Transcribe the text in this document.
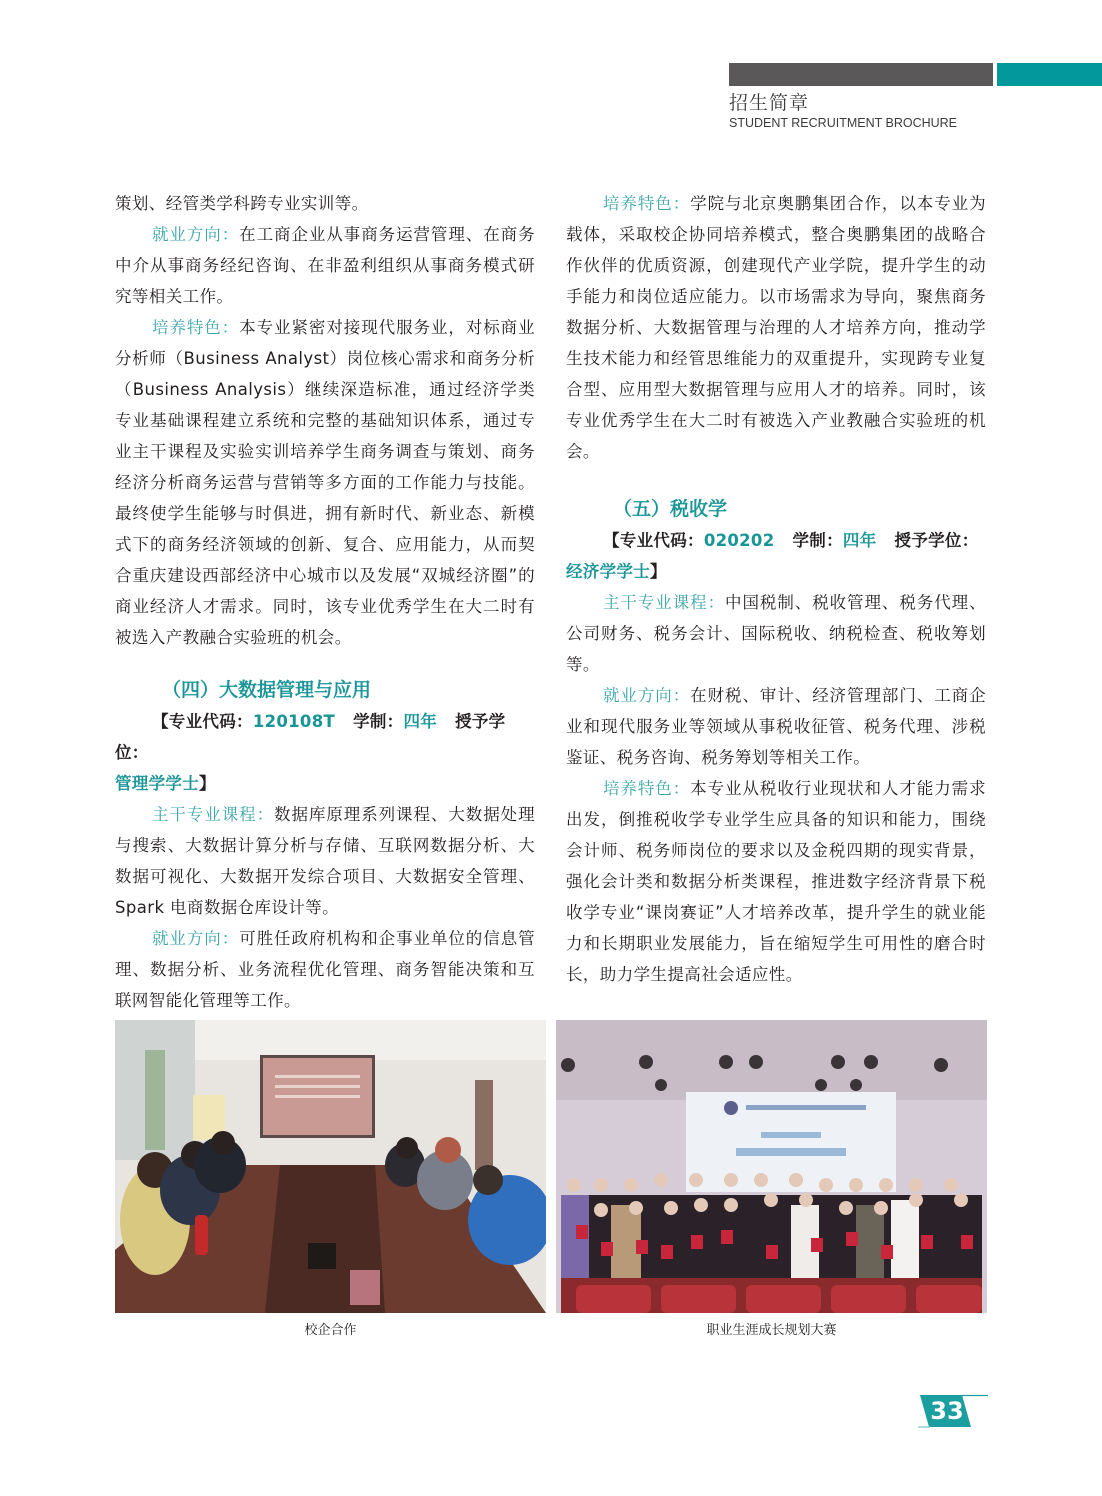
招生简章
STUDENT RECRUITMENT BROCHURE

策划、经管类学科跨专业实训等。

就业方向：在工商企业从事商务运营管理、在商务中介从事商务经纪咨询、在非盈利组织从事商务模式研究等相关工作。

培养特色：本专业紧密对接现代服务业，对标商业分析师（Business Analyst）岗位核心需求和商务分析（Business Analysis）继续深造标准，通过经济学类专业基础课程建立系统和完整的基础知识体系，通过专业主干课程及实验实训培养学生商务调查与策划、商务经济分析商务运营与营销等多方面的工作能力与技能。最终使学生能够与时俱进，拥有新时代、新业态、新模式下的商务经济领域的创新、复合、应用能力，从而契合重庆建设西部经济中心城市以及发展“双城经济圈”的商业经济人才需求。同时，该专业优秀学生在大二时有被选入产教融合实验班的机会。

（四）大数据管理与应用
【专业代码：120108T 学制：四年 授予学位：
管理学学士】

主干专业课程：数据库原理系列课程、大数据处理与搜索、大数据计算分析与存储、互联网数据分析、大数据可视化、大数据开发综合项目、大数据安全管理、Spark 电商数据仓库设计等。

就业方向：可胜任政府机构和企事业单位的信息管理、数据分析、业务流程优化管理、商务智能决策和互联网智能化管理等工作。

培养特色：学院与北京奥鹏集团合作，以本专业为载体，采取校企协同培养模式，整合奥鹏集团的战略合作伙伴的优质资源，创建现代产业学院，提升学生的动手能力和岗位适应能力。以市场需求为导向，聚焦商务数据分析、大数据管理与治理的人才培养方向，推动学生技术能力和经管思维能力的双重提升，实现跨专业复合型、应用型大数据管理与应用人才的培养。同时，该专业优秀学生在大二时有被选入产业教融合实验班的机会。

（五）税收学
【专业代码：020202 学制：四年 授予学位：
经济学学士】

主干专业课程：中国税制、税收管理、税务代理、公司财务、税务会计、国际税收、纳税检查、税收筹划等。

就业方向：在财税、审计、经济管理部门、工商企业和现代服务业等领域从事税收征管、税务代理、涉税鉴证、税务咨询、税务筹划等相关工作。

培养特色：本专业从税收行业现状和人才能力需求出发，倒推税收学专业学生应具备的知识和能力，围绕会计师、税务师岗位的要求以及金税四期的现实背景，强化会计类和数据分析类课程，推进数字经济背景下税收学专业“课岗赛证”人才培养改革，提升学生的就业能力和长期职业发展能力，旨在缩短学生可用性的磨合时长，助力学生提高社会适应性。

校企合作	职业生涯成长规划大赛
33
